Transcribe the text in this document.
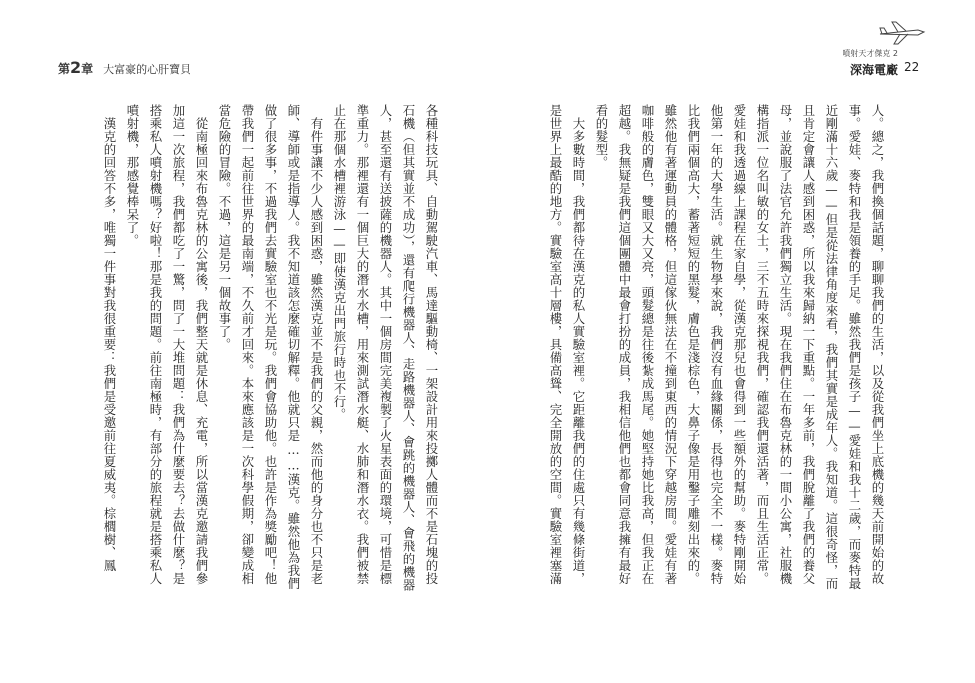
第2章 大富豪的心肝寶貝
噴射天才傑克 2
深海電廠 22
人。總之，我們換個話題，聊聊我們的生活，以及從我們坐上底機的幾天前開始的故
事。愛娃、麥特和我是領養的手足。雖然我們是孩子——愛娃和我十二歲，而麥特最
近剛滿十六歲——但是從法律角度來看，我們其實是成年人。我知道。這很奇怪，而
且肯定會讓人感到困惑，所以我來歸納一下重點。一年多前，我們脫離了我們的養父
母，並說服了法官允許我們獨立生活。現在我們住在布魯克林的一間小公寓，社服機
構指派一位名叫敏的女士，三不五時來探視我們，確認我們還活著，而且生活正常。
愛娃和我透過線上課程在家自學，從漢克那兒也會得到一些額外的幫助。麥特剛開始
他第一年的大學生活。就生物學來說，我們沒有血緣關係，長得也完全不一樣。麥特
比我們兩個高大，蓄著短短的黑髮，膚色是淺棕色，大鼻子像是用鑿子雕刻出來的。
雖然他有著運動員的體格，但這傢伙無法在不撞到東西的情況下穿越房間。愛娃有著
咖啡般的膚色，雙眼又大又亮，頭髮總是往後紮成馬尾。她堅持她比我高，但我正在
超越。我無疑是我們這個團體中最會打扮的成員，我相信他們也都會同意我擁有最好
看的髮型。
　大多數時間，我們都待在漢克的私人實驗室裡。它距離我們的住處只有幾條街道，
是世界上最酷的地方。實驗室高十層樓，具備高聳、完全開放的空間。實驗室裡塞滿
各種科技玩具、自動駕駛汽車、馬達驅動椅、一架設計用來投擲人體而不是石塊的投
石機（但其實並不成功），還有爬行機器人、走路機器人、會跳的機器人、會飛的機器
人，甚至還有送披薩的機器人。其中一個房間完美複製了火星表面的環境，可惜是標
準重力。那裡還有一個巨大的潛水水槽，用來測試潛水艇、水肺和潛水衣。我們被禁
止在那個水槽裡游泳——即使漢克出門旅行時也不行。
　有件事讓不少人感到困惑，雖然漢克並不是我們的父親，然而他的身分也不只是老
師、導師或是指導人。我不知道該怎麼確切解釋。他就只是……漢克。雖然他為我們
做了很多事，不過我們去實驗室也不光是玩。我們會協助他。也許是作為獎勵吧！他
帶我們一起前往世界的最南端，不久前才回來。本來應該是一次科學假期，卻變成相
當危險的冒險。不過，這是另一個故事了。
　從南極回來布魯克林的公寓後，我們整天就是休息、充電，所以當漢克邀請我們參
加這一次旅程，我們都吃了一驚，問了一大堆問題：我們為什麼要去？去做什麼？是
搭乘私人噴射機嗎？好啦！那是我的問題。前往南極時，有部分的旅程就是搭乘私人
噴射機，那感覺棒呆了。
　漢克的回答不多，唯獨一件事對我很重要：我們是受邀前往夏威夷。棕櫚樹、鳳
